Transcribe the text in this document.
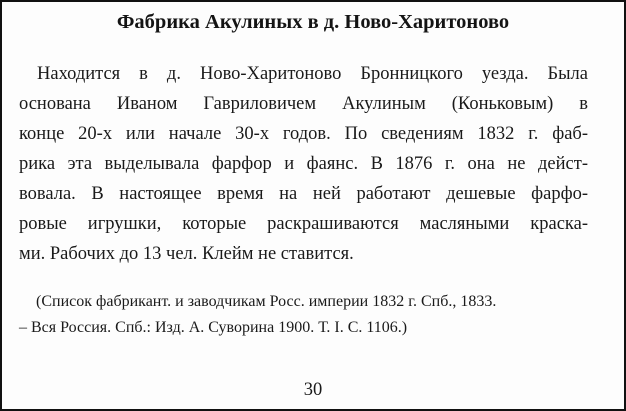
Фабрика Акулиных в д. Ново-Харитоново
Находится в д. Ново-Харитоново Бронницкого уезда. Была
основана Иваном Гавриловичем Акулиным (Коньковым) в
конце 20-х или начале 30-х годов. По сведениям 1832 г. фаб-
рика эта выделывала фарфор и фаянс. В 1876 г. она не дейст-
вовала. В настоящее время на ней работают дешевые фарфо-
ровые игрушки, которые раскрашиваются масляными краска-
ми. Рабочих до 13 чел. Клейм не ставится.
(Список фабрикант. и заводчикам Росс. империи 1832 г. Спб., 1833.
– Вся Россия. Спб.: Изд. А. Суворина 1900. Т. I. С. 1106.)
30
